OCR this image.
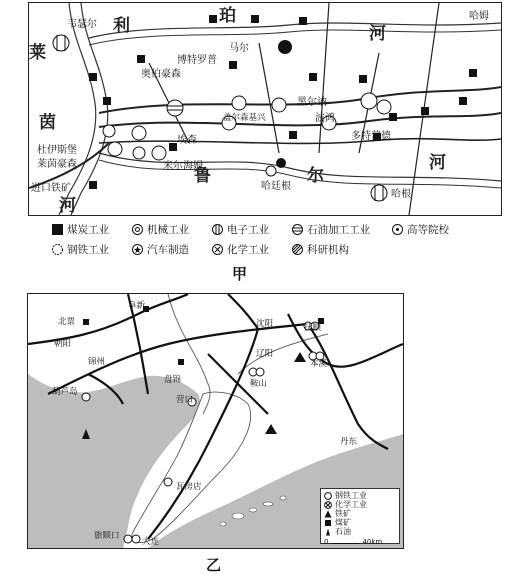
莱
茵
河
利	珀
河
鲁	尔
河
韦瑟尔
奥伯豪森
博特罗普
马尔
杜伊斯堡
莱茵豪森
埃森
盖尔森基兴
黑尔讷
波鸿
多特蒙德
米尔海姆
哈廷根
哈姆
哈根
进口铁矿
煤炭工业	机械工业	电子工业	石油加工工业	高等院校
钢铁工业	汽车制造	化学工业	科研机构
甲
北票
阜新
朝阳
沈阳	抚顺
锦州
辽阳
本溪
葫芦岛
盘锦	鞍山
营口
丹东
瓦房店
旅顺口
大连
钢铁工业
化学工业
铁矿
煤矿
石油
0	40km
乙
